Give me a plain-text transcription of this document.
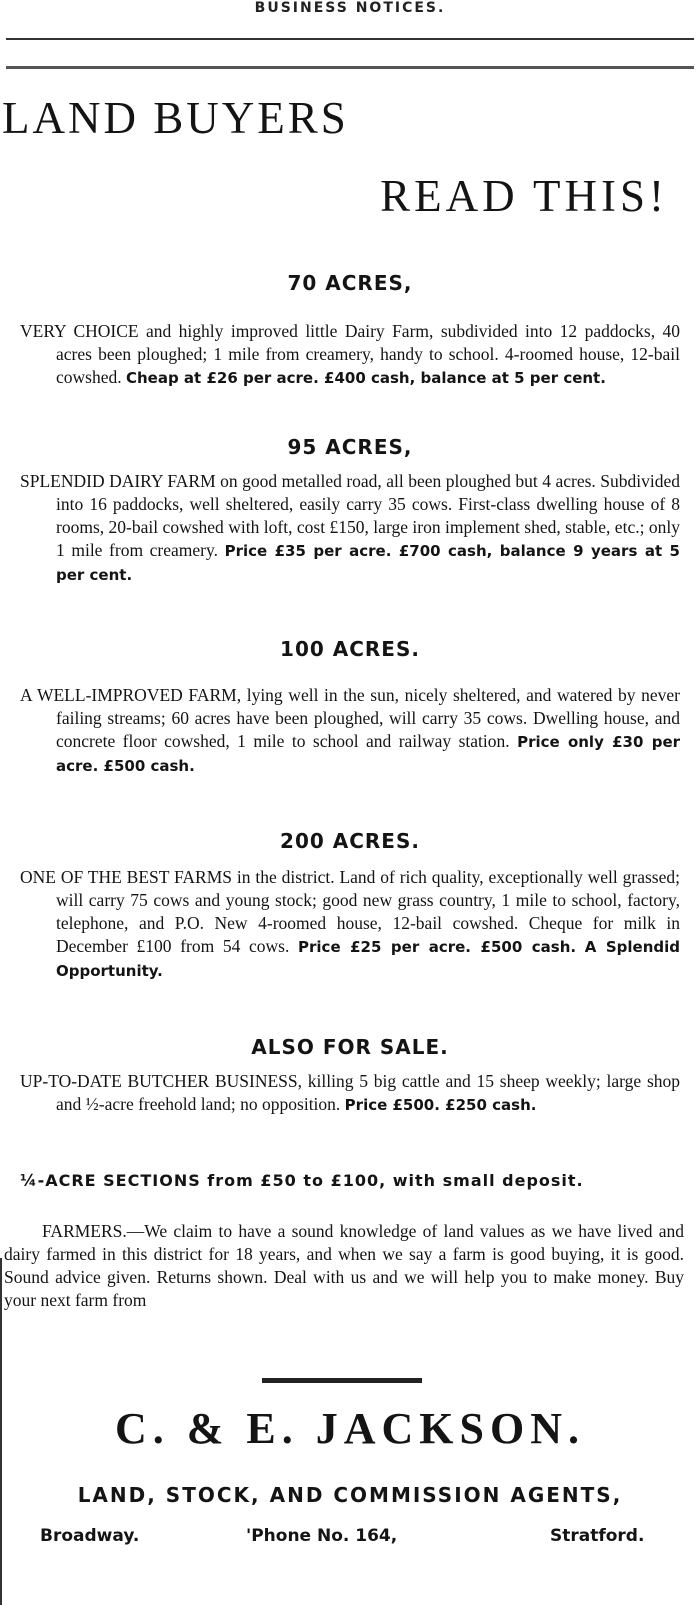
BUSINESS NOTICES.
LAND BUYERS
READ THIS!
70 ACRES,
VERY CHOICE and highly improved little Dairy Farm, subdivided into 12 paddocks, 40 acres been ploughed; 1 mile from creamery, handy to school. 4-roomed house, 12-bail cowshed. Cheap at £26 per acre. £400 cash, balance at 5 per cent.
95 ACRES,
SPLENDID DAIRY FARM on good metalled road, all been ploughed but 4 acres. Subdivided into 16 paddocks, well sheltered, easily carry 35 cows. First-class dwelling house of 8 rooms, 20-bail cowshed with loft, cost £150, large iron implement shed, stable, etc.; only 1 mile from creamery. Price £35 per acre. £700 cash, balance 9 years at 5 per cent.
100 ACRES.
A WELL-IMPROVED FARM, lying well in the sun, nicely sheltered, and watered by never failing streams; 60 acres have been ploughed, will carry 35 cows. Dwelling house, and concrete floor cowshed, 1 mile to school and railway station. Price only £30 per acre. £500 cash.
200 ACRES.
ONE OF THE BEST FARMS in the district. Land of rich quality, exceptionally well grassed; will carry 75 cows and young stock; good new grass country, 1 mile to school, factory, telephone, and P.O. New 4-roomed house, 12-bail cowshed. Cheque for milk in December £100 from 54 cows. Price £25 per acre. £500 cash. A Splendid Opportunity.
ALSO FOR SALE.
UP-TO-DATE BUTCHER BUSINESS, killing 5 big cattle and 15 sheep weekly; large shop and ½-acre freehold land; no opposition. Price £500. £250 cash.
¼-ACRE SECTIONS from £50 to £100, with small deposit.
FARMERS.—We claim to have a sound knowledge of land values as we have lived and dairy farmed in this district for 18 years, and when we say a farm is good buying, it is good. Sound advice given. Returns shown. Deal with us and we will help you to make money. Buy your next farm from
C. & E. JACKSON.
LAND, STOCK, AND COMMISSION AGENTS,
Broadway.	'Phone No. 164,	Stratford.
